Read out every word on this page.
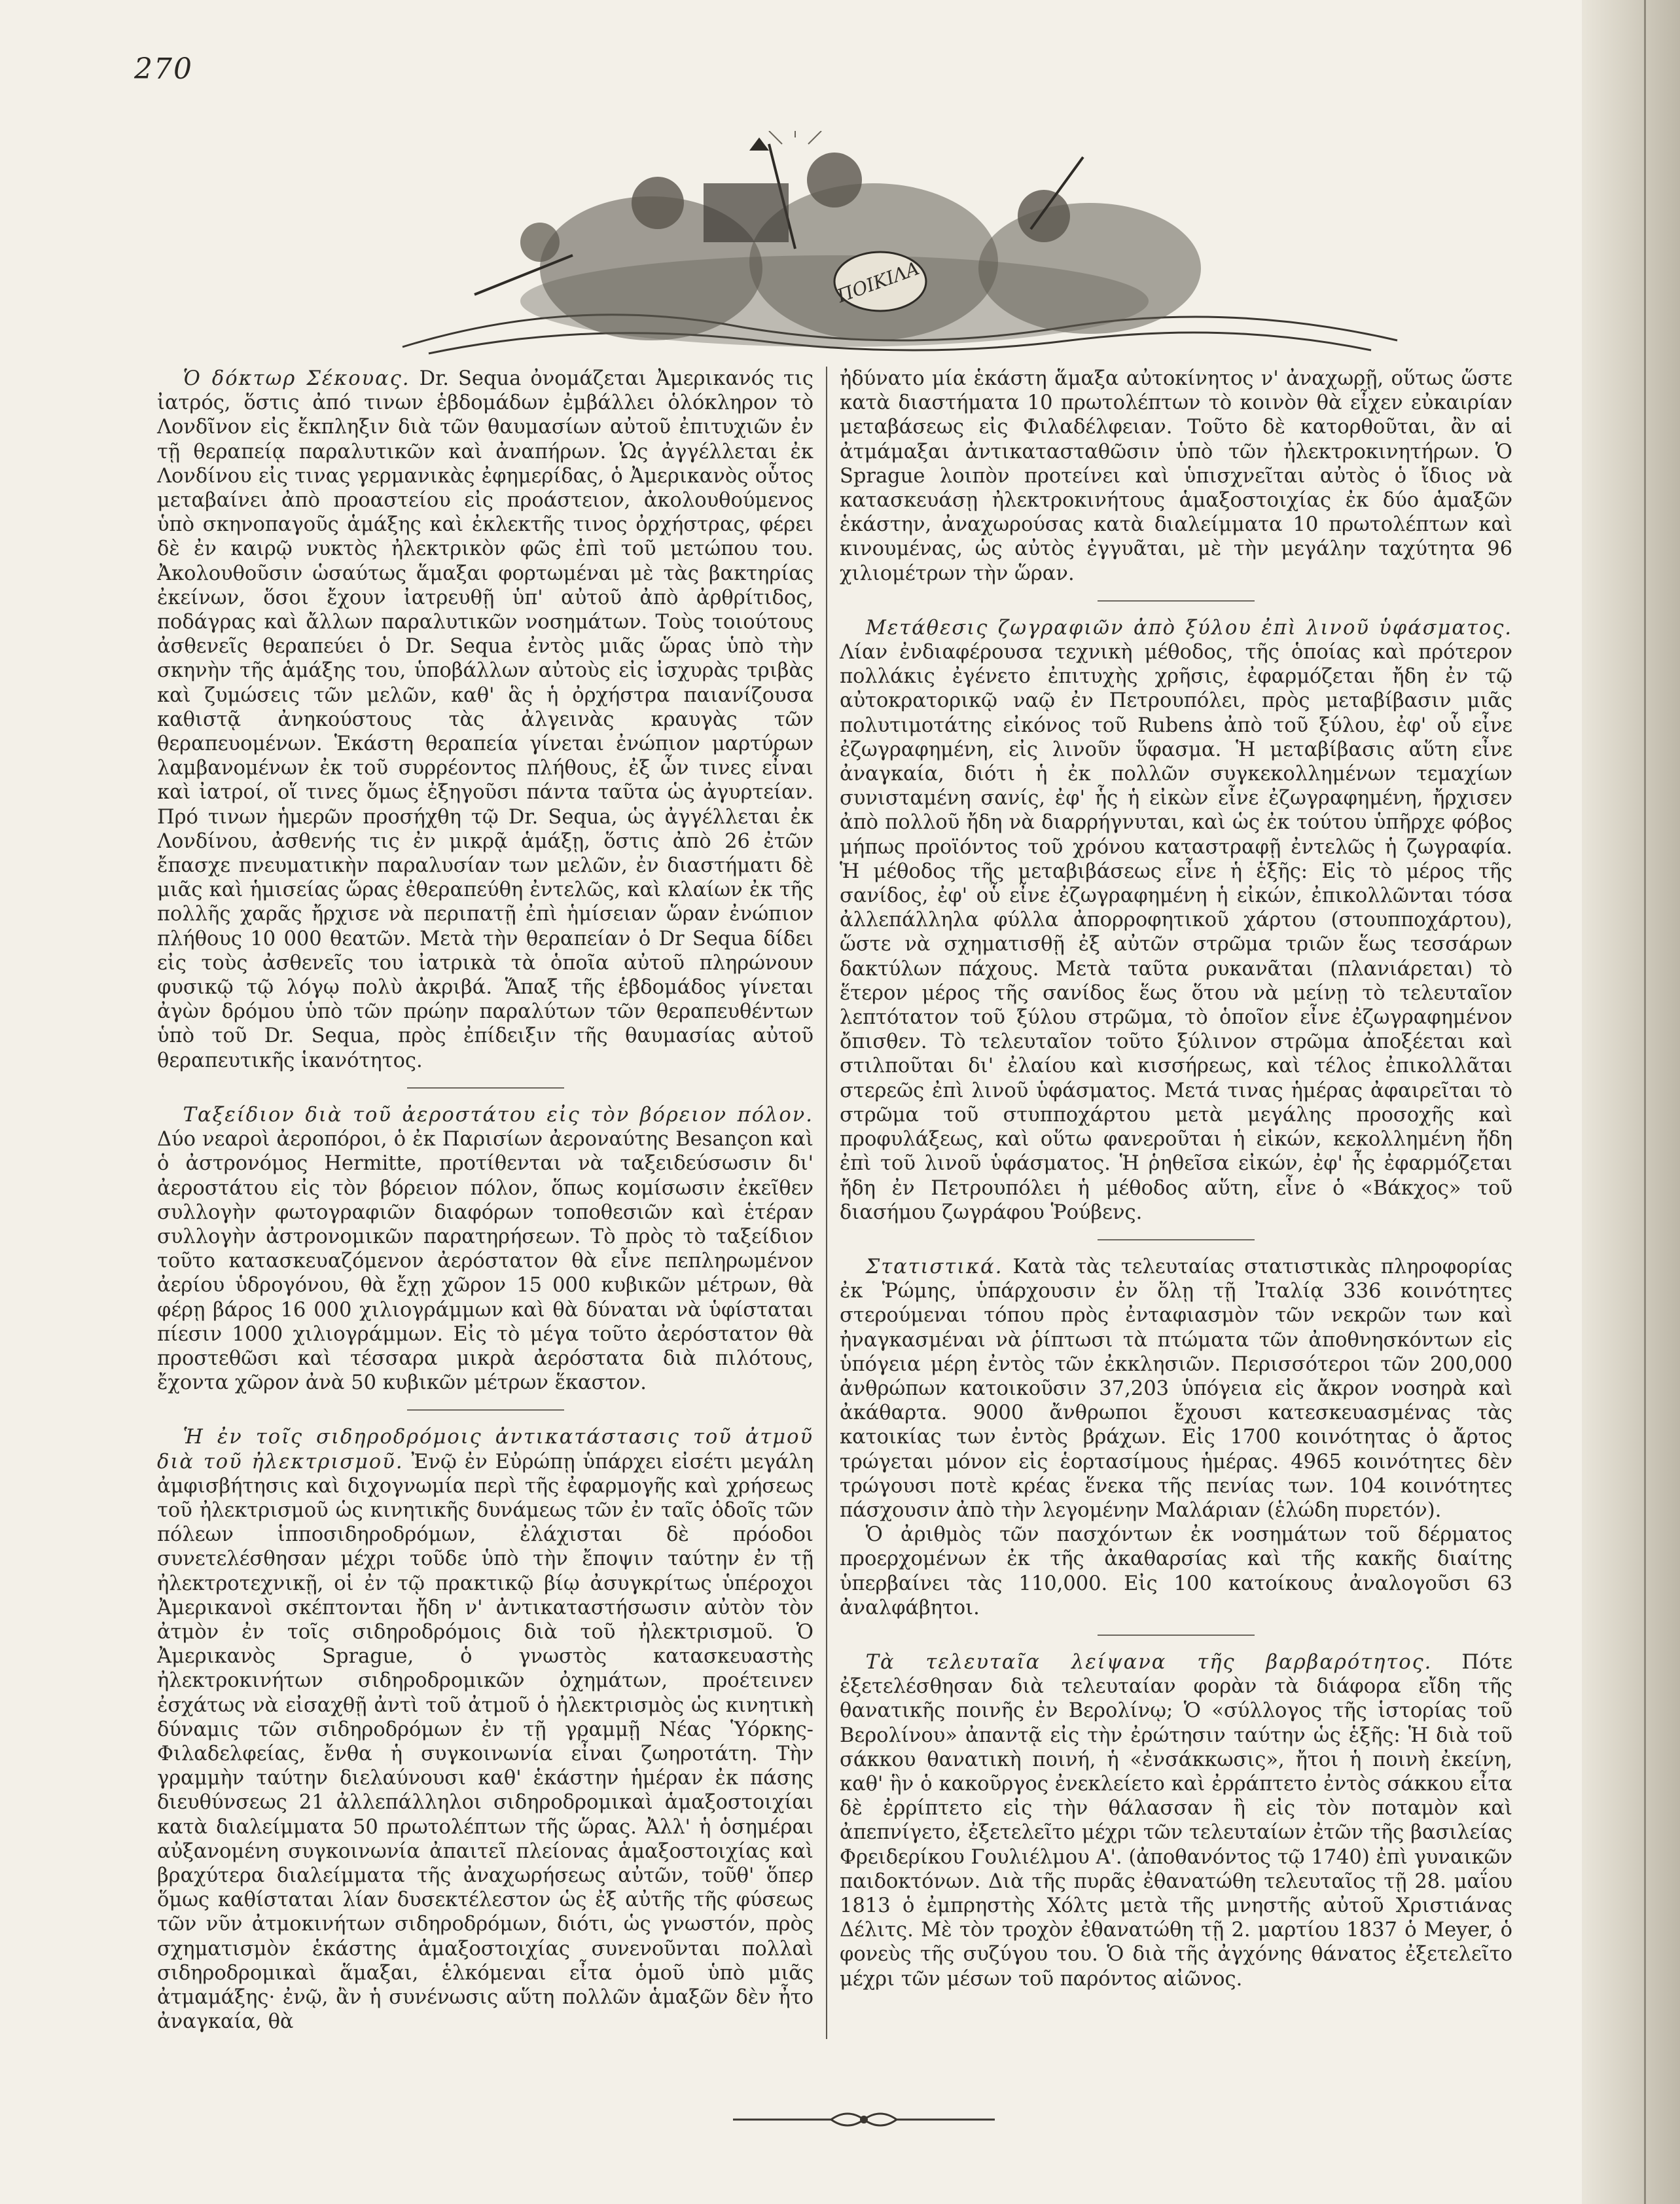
270
ΠΟΙΚΙΛΑ

Ὁ δόκτωρ Σέκουας. Dr. Sequa ὀνομάζεται Ἀμερικανός τις ἰατρός, ὅστις ἀπό τινων ἑβδομάδων ἐμβάλλει ὁλόκληρον τὸ Λονδῖνον εἰς ἔκπληξιν διὰ τῶν θαυμασίων αὐτοῦ ἐπιτυχιῶν ἐν τῇ θεραπείᾳ παραλυτικῶν καὶ ἀναπήρων. Ὡς ἀγγέλλεται ἐκ Λονδίνου εἰς τινας γερμανικὰς ἐφημερίδας, ὁ Ἀμερικανὸς οὗτος μεταβαίνει ἀπὸ προαστείου εἰς προάστειον, ἀκολουθούμενος ὑπὸ σκηνοπαγοῦς ἁμάξης καὶ ἐκλεκτῆς τινος ὀρχήστρας, φέρει δὲ ἐν καιρῷ νυκτὸς ἠλεκτρικὸν φῶς ἐπὶ τοῦ μετώπου του. Ἀκολουθοῦσιν ὡσαύτως ἅμαξαι φορτωμέναι μὲ τὰς βακτηρίας ἐκείνων, ὅσοι ἔχουν ἰατρευθῇ ὑπ' αὐτοῦ ἀπὸ ἀρθρίτιδος, ποδάγρας καὶ ἄλλων παραλυτικῶν νοσημάτων. Τοὺς τοιούτους ἀσθενεῖς θεραπεύει ὁ Dr. Sequa ἐντὸς μιᾶς ὥρας ὑπὸ τὴν σκηνὴν τῆς ἁμάξης του, ὑποβάλλων αὐτοὺς εἰς ἰσχυρὰς τριβὰς καὶ ζυμώσεις τῶν μελῶν, καθ' ἃς ἡ ὀρχήστρα παιανίζουσα καθιστᾷ ἀνηκούστους τὰς ἀλγεινὰς κραυγὰς τῶν θεραπευομένων. Ἑκάστη θεραπεία γίνεται ἐνώπιον μαρτύρων λαμβανομένων ἐκ τοῦ συρρέοντος πλήθους, ἐξ ὧν τινες εἶναι καὶ ἰατροί, οἵ τινες ὅμως ἐξηγοῦσι πάντα ταῦτα ὡς ἀγυρτείαν. Πρό τινων ἡμερῶν προσήχθη τῷ Dr. Sequa, ὡς ἀγγέλλεται ἐκ Λονδίνου, ἀσθενής τις ἐν μικρᾷ ἁμάξῃ, ὅστις ἀπὸ 26 ἐτῶν ἔπασχε πνευματικὴν παραλυσίαν των μελῶν, ἐν διαστήματι δὲ μιᾶς καὶ ἡμισείας ὥρας ἐθεραπεύθη ἐντελῶς, καὶ κλαίων ἐκ τῆς πολλῆς χαρᾶς ἤρχισε νὰ περιπατῇ ἐπὶ ἡμίσειαν ὥραν ἐνώπιον πλήθους 10 000 θεατῶν. Μετὰ τὴν θεραπείαν ὁ Dr Sequa δίδει εἰς τοὺς ἀσθενεῖς του ἰατρικὰ τὰ ὁποῖα αὐτοῦ πληρώνουν φυσικῷ τῷ λόγῳ πολὺ ἀκριβά. Ἅπαξ τῆς ἑβδομάδος γίνεται ἀγὼν δρόμου ὑπὸ τῶν πρώην παραλύτων τῶν θεραπευθέντων ὑπὸ τοῦ Dr. Sequa, πρὸς ἐπίδειξιν τῆς θαυμασίας αὐτοῦ θεραπευτικῆς ἱκανότητος.

Ταξείδιον διὰ τοῦ ἀεροστάτου εἰς τὸν βόρειον πόλον. Δύο νεαροὶ ἀεροπόροι, ὁ ἐκ Παρισίων ἀεροναύτης Besançon καὶ ὁ ἀστρονόμος Hermitte, προτίθενται νὰ ταξειδεύσωσιν δι' ἀεροστάτου εἰς τὸν βόρειον πόλον, ὅπως κομίσωσιν ἐκεῖθεν συλλογὴν φωτογραφιῶν διαφόρων τοποθεσιῶν καὶ ἑτέραν συλλογὴν ἀστρονομικῶν παρατηρήσεων. Τὸ πρὸς τὸ ταξείδιον τοῦτο κατασκευαζόμενον ἀερόστατον θὰ εἶνε πεπληρωμένον ἀερίου ὑδρογόνου, θὰ ἔχῃ χῶρον 15 000 κυβικῶν μέτρων, θὰ φέρῃ βάρος 16 000 χιλιογράμμων καὶ θὰ δύναται νὰ ὑφίσταται πίεσιν 1000 χιλιογράμμων. Εἰς τὸ μέγα τοῦτο ἀερόστατον θὰ προστεθῶσι καὶ τέσσαρα μικρὰ ἀερόστατα διὰ πιλότους, ἔχοντα χῶρον ἀνὰ 50 κυβικῶν μέτρων ἕκαστον.

Ἡ ἐν τοῖς σιδηροδρόμοις ἀντικατάστασις τοῦ ἀτμοῦ διὰ τοῦ ἠλεκτρισμοῦ. Ἐνῷ ἐν Εὐρώπῃ ὑπάρχει εἰσέτι μεγάλη ἀμφισβήτησις καὶ διχογνωμία περὶ τῆς ἐφαρμογῆς καὶ χρήσεως τοῦ ἠλεκτρισμοῦ ὡς κινητικῆς δυνάμεως τῶν ἐν ταῖς ὁδοῖς τῶν πόλεων ἱπποσιδηροδρόμων, ἐλάχισται δὲ πρόοδοι συνετελέσθησαν μέχρι τοῦδε ὑπὸ τὴν ἔποψιν ταύτην ἐν τῇ ἠλεκτροτεχνικῇ, οἱ ἐν τῷ πρακτικῷ βίῳ ἀσυγκρίτως ὑπέροχοι Ἀμερικανοὶ σκέπτονται ἤδη ν' ἀντικαταστήσωσιν αὐτὸν τὸν ἀτμὸν ἐν τοῖς σιδηροδρόμοις διὰ τοῦ ἠλεκτρισμοῦ. Ὁ Ἀμερικανὸς Sprague, ὁ γνωστὸς κατασκευαστὴς ἠλεκτροκινήτων σιδηροδρομικῶν ὀχημάτων, προέτεινεν ἐσχάτως νὰ εἰσαχθῇ ἀντὶ τοῦ ἀτμοῦ ὁ ἠλεκτρισμὸς ὡς κινητικὴ δύναμις τῶν σιδηροδρόμων ἐν τῇ γραμμῇ Νέας Ὑόρκης-Φιλαδελφείας, ἔνθα ἡ συγκοινωνία εἶναι ζωηροτάτη. Τὴν γραμμὴν ταύτην διελαύνουσι καθ' ἑκάστην ἡμέραν ἐκ πάσης διευθύνσεως 21 ἀλλεπάλληλοι σιδηροδρομικαὶ ἁμαξοστοιχίαι κατὰ διαλείμματα 50 πρωτολέπτων τῆς ὥρας. Ἀλλ' ἡ ὁσημέραι αὐξανομένη συγκοινωνία ἀπαιτεῖ πλείονας ἁμαξοστοιχίας καὶ βραχύτερα διαλείμματα τῆς ἀναχωρήσεως αὐτῶν, τοῦθ' ὅπερ ὅμως καθίσταται λίαν δυσεκτέλεστον ὡς ἐξ αὐτῆς τῆς φύσεως τῶν νῦν ἀτμοκινήτων σιδηροδρόμων, διότι, ὡς γνωστόν, πρὸς σχηματισμὸν ἑκάστης ἁμαξοστοιχίας συνενοῦνται πολλαὶ σιδηροδρομικαὶ ἅμαξαι, ἑλκόμεναι εἶτα ὁμοῦ ὑπὸ μιᾶς ἀτμαμάξης· ἐνῷ, ἂν ἡ συνένωσις αὕτη πολλῶν ἁμαξῶν δὲν ἦτο ἀναγκαία, θὰ

ἠδύνατο μία ἑκάστη ἅμαξα αὐτοκίνητος ν' ἀναχωρῇ, οὕτως ὥστε κατὰ διαστήματα 10 πρωτολέπτων τὸ κοινὸν θὰ εἶχεν εὐκαιρίαν μεταβάσεως εἰς Φιλαδέλφειαν. Τοῦτο δὲ κατορθοῦται, ἂν αἱ ἀτμάμαξαι ἀντικατασταθῶσιν ὑπὸ τῶν ἠλεκτροκινητήρων. Ὁ Sprague λοιπὸν προτείνει καὶ ὑπισχνεῖται αὐτὸς ὁ ἴδιος νὰ κατασκευάσῃ ἠλεκτροκινήτους ἁμαξοστοιχίας ἐκ δύο ἁμαξῶν ἑκάστην, ἀναχωρούσας κατὰ διαλείμματα 10 πρωτολέπτων καὶ κινουμένας, ὡς αὐτὸς ἐγγυᾶται, μὲ τὴν μεγάλην ταχύτητα 96 χιλιομέτρων τὴν ὥραν.

Μετάθεσις ζωγραφιῶν ἀπὸ ξύλου ἐπὶ λινοῦ ὑφάσματος. Λίαν ἐνδιαφέρουσα τεχνικὴ μέθοδος, τῆς ὁποίας καὶ πρότερον πολλάκις ἐγένετο ἐπιτυχὴς χρῆσις, ἐφαρμόζεται ἤδη ἐν τῷ αὐτοκρατορικῷ ναῷ ἐν Πετρουπόλει, πρὸς μεταβίβασιν μιᾶς πολυτιμοτάτης εἰκόνος τοῦ Rubens ἀπὸ τοῦ ξύλου, ἐφ' οὗ εἶνε ἐζωγραφημένη, εἰς λινοῦν ὕφασμα. Ἡ μεταβίβασις αὕτη εἶνε ἀναγκαία, διότι ἡ ἐκ πολλῶν συγκεκολλημένων τεμαχίων συνισταμένη σανίς, ἐφ' ἧς ἡ εἰκὼν εἶνε ἐζωγραφημένη, ἤρχισεν ἀπὸ πολλοῦ ἤδη νὰ διαρρήγνυται, καὶ ὡς ἐκ τούτου ὑπῆρχε φόβος μήπως προϊόντος τοῦ χρόνου καταστραφῇ ἐντελῶς ἡ ζωγραφία. Ἡ μέθοδος τῆς μεταβιβάσεως εἶνε ἡ ἑξῆς: Εἰς τὸ μέρος τῆς σανίδος, ἐφ' οὗ εἶνε ἐζωγραφημένη ἡ εἰκών, ἐπικολλῶνται τόσα ἀλλεπάλληλα φύλλα ἀπορροφητικοῦ χάρτου (στουπποχάρτου), ὥστε νὰ σχηματισθῇ ἐξ αὐτῶν στρῶμα τριῶν ἕως τεσσάρων δακτύλων πάχους. Μετὰ ταῦτα ρυκανᾶται (πλανιάρεται) τὸ ἕτερον μέρος τῆς σανίδος ἕως ὅτου νὰ μείνῃ τὸ τελευταῖον λεπτότατον τοῦ ξύλου στρῶμα, τὸ ὁποῖον εἶνε ἐζωγραφημένον ὄπισθεν. Τὸ τελευταῖον τοῦτο ξύλινον στρῶμα ἀποξέεται καὶ στιλποῦται δι' ἐλαίου καὶ κισσήρεως, καὶ τέλος ἐπικολλᾶται στερεῶς ἐπὶ λινοῦ ὑφάσματος. Μετά τινας ἡμέρας ἀφαιρεῖται τὸ στρῶμα τοῦ στυπποχάρτου μετὰ μεγάλης προσοχῆς καὶ προφυλάξεως, καὶ οὕτω φανεροῦται ἡ εἰκών, κεκολλημένη ἤδη ἐπὶ τοῦ λινοῦ ὑφάσματος. Ἡ ῥηθεῖσα εἰκών, ἐφ' ἧς ἐφαρμόζεται ἤδη ἐν Πετρουπόλει ἡ μέθοδος αὕτη, εἶνε ὁ «Βάκχος» τοῦ διασήμου ζωγράφου Ῥούβενς.

Στατιστικά. Κατὰ τὰς τελευταίας στατιστικὰς πληροφορίας ἐκ Ῥώμης, ὑπάρχουσιν ἐν ὅλῃ τῇ Ἰταλίᾳ 336 κοινότητες στερούμεναι τόπου πρὸς ἐνταφιασμὸν τῶν νεκρῶν των καὶ ἠναγκασμέναι νὰ ῥίπτωσι τὰ πτώματα τῶν ἀποθνησκόντων εἰς ὑπόγεια μέρη ἐντὸς τῶν ἐκκλησιῶν. Περισσότεροι τῶν 200,000 ἀνθρώπων κατοικοῦσιν 37,203 ὑπόγεια εἰς ἄκρον νοσηρὰ καὶ ἀκάθαρτα. 9000 ἄνθρωποι ἔχουσι κατεσκευασμένας τὰς κατοικίας των ἐντὸς βράχων. Εἰς 1700 κοινότητας ὁ ἄρτος τρώγεται μόνον εἰς ἑορτασίμους ἡμέρας. 4965 κοινότητες δὲν τρώγουσι ποτὲ κρέας ἕνεκα τῆς πενίας των. 104 κοινότητες πάσχουσιν ἀπὸ τὴν λεγομένην Μαλάριαν (ἑλώδη πυρετόν).

Ὁ ἀριθμὸς τῶν πασχόντων ἐκ νοσημάτων τοῦ δέρματος προερχομένων ἐκ τῆς ἀκαθαρσίας καὶ τῆς κακῆς διαίτης ὑπερβαίνει τὰς 110,000. Εἰς 100 κατοίκους ἀναλογοῦσι 63 ἀναλφάβητοι.

Τὰ τελευταῖα λείψανα τῆς βαρβαρότητος. Πότε ἐξετελέσθησαν διὰ τελευταίαν φορὰν τὰ διάφορα εἴδη τῆς θανατικῆς ποινῆς ἐν Βερολίνῳ; Ὁ «σύλλογος τῆς ἱστορίας τοῦ Βερολίνου» ἀπαντᾷ εἰς τὴν ἐρώτησιν ταύτην ὡς ἑξῆς: Ἡ διὰ τοῦ σάκκου θανατικὴ ποινή, ἡ «ἐνσάκκωσις», ἤτοι ἡ ποινὴ ἐκείνη, καθ' ἣν ὁ κακοῦργος ἐνεκλείετο καὶ ἐρράπτετο ἐντὸς σάκκου εἶτα δὲ ἐρρίπτετο εἰς τὴν θάλασσαν ἢ εἰς τὸν ποταμὸν καὶ ἀπεπνίγετο, ἐξετελεῖτο μέχρι τῶν τελευταίων ἐτῶν τῆς βασιλείας Φρειδερίκου Γουλιέλμου Α'. (ἀποθανόντος τῷ 1740) ἐπὶ γυναικῶν παιδοκτόνων. Διὰ τῆς πυρᾶς ἐθανατώθη τελευταῖος τῇ 28. μαΐου 1813 ὁ ἐμπρηστὴς Χόλτς μετὰ τῆς μνηστῆς αὐτοῦ Χριστιάνας Δέλιτς. Μὲ τὸν τροχὸν ἐθανατώθη τῇ 2. μαρτίου 1837 ὁ Meyer, ὁ φονεὺς τῆς συζύγου του. Ὁ διὰ τῆς ἀγχόνης θάνατος ἐξετελεῖτο μέχρι τῶν μέσων τοῦ παρόντος αἰῶνος.
